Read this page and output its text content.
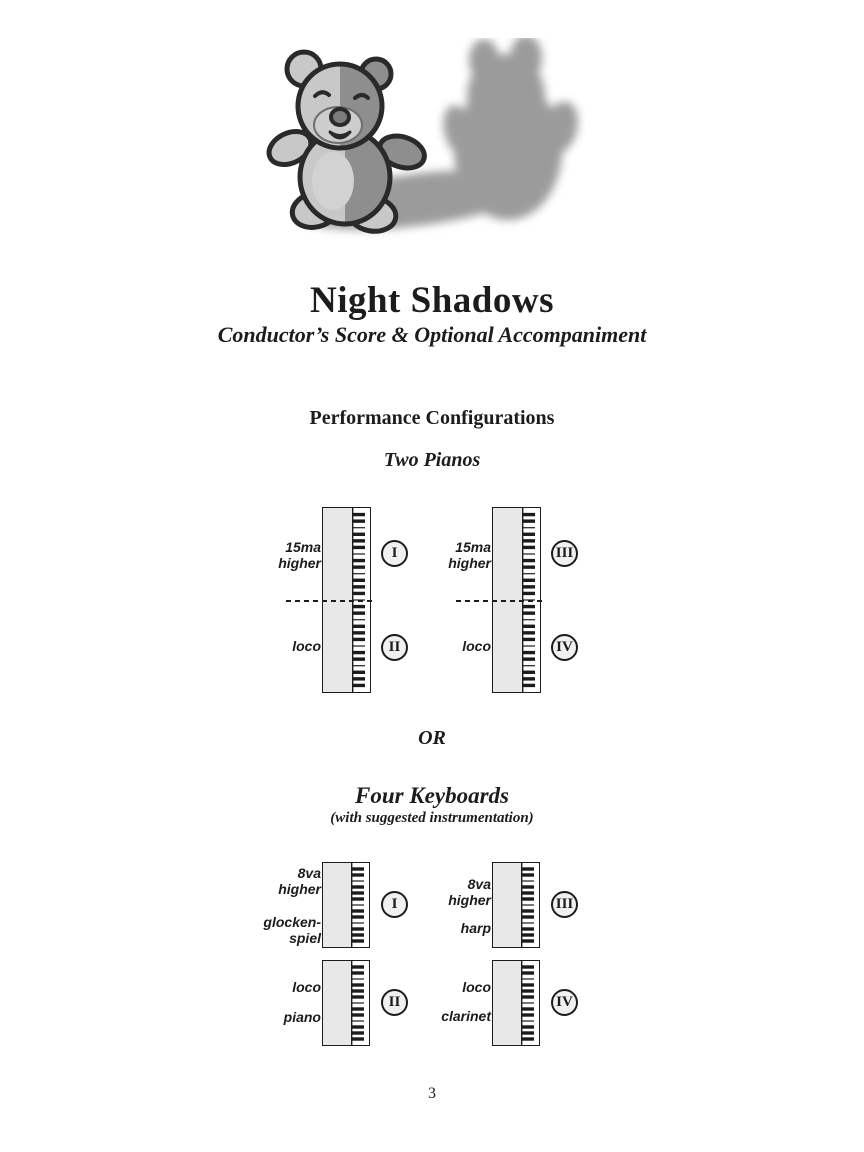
Night Shadows
Conductor’s Score & Optional Accompaniment
Performance Configurations
Two Pianos
15ma
higher
loco
I
II
15ma
higher
loco
III
IV
OR
Four Keyboards
(with suggested instrumentation)
8va
higher
glocken-
spiel
I
loco
piano
II
8va
higher
harp
III
loco
clarinet
IV
3
